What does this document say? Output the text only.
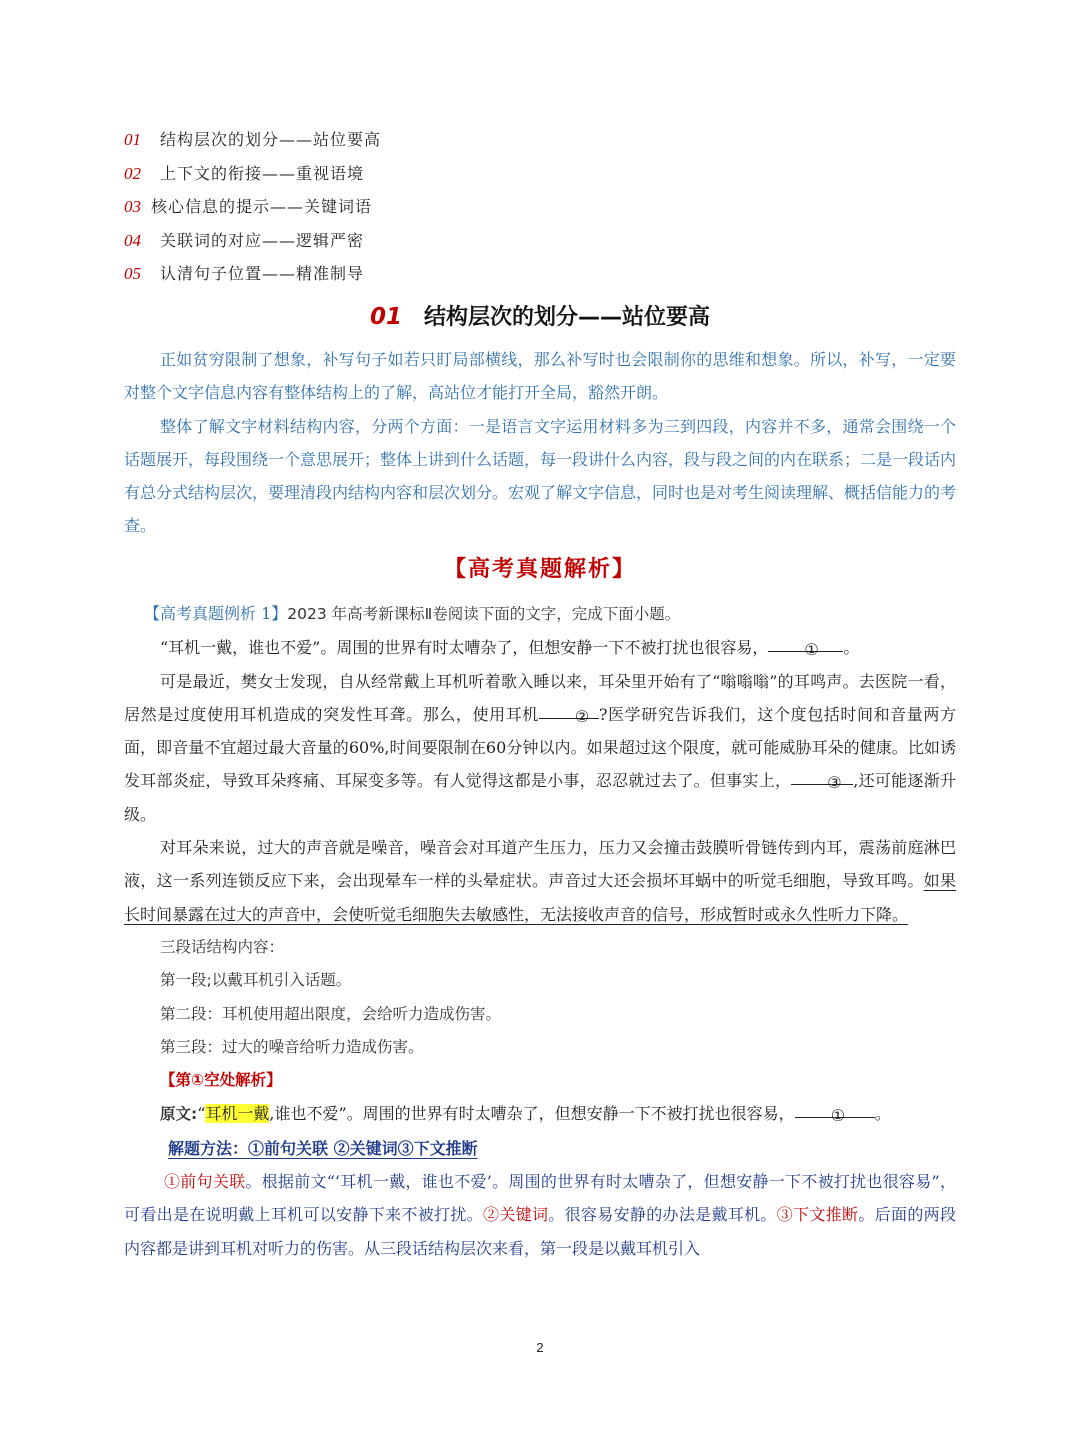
01 结构层次的划分——站位要高
02 上下文的衔接——重视语境
03 核心信息的提示——关键词语
04 关联词的对应——逻辑严密
05 认清句子位置——精准制导
01 结构层次的划分——站位要高

正如贫穷限制了想象，补写句子如若只盯局部横线，那么补写时也会限制你的思维和想象。所以，补写，一定要对整个文字信息内容有整体结构上的了解，高站位才能打开全局，豁然开朗。

整体了解文字材料结构内容，分两个方面：一是语言文字运用材料多为三到四段，内容并不多，通常会围绕一个话题展开，每段围绕一个意思展开；整体上讲到什么话题，每一段讲什么内容，段与段之间的内在联系；二是一段话内有总分式结构层次，要理清段内结构内容和层次划分。宏观了解文字信息，同时也是对考生阅读理解、概括信能力的考查。

【高考真题解析】

【高考真题例析 1】2023 年高考新课标Ⅱ卷阅读下面的文字，完成下面小题。

“耳机一戴，谁也不爱”。周围的世界有时太嘈杂了，但想安静一下不被打扰也很容易， ① 。

可是最近，樊女士发现，自从经常戴上耳机听着歌入睡以来，耳朵里开始有了“嗡嗡嗡”的耳鸣声。去医院一看，居然是过度使用耳机造成的突发性耳聋。那么，使用耳机 ② ?医学研究告诉我们，这个度包括时间和音量两方面，即音量不宜超过最大音量的60%,时间要限制在60分钟以内。如果超过这个限度，就可能威胁耳朵的健康。比如诱发耳部炎症，导致耳朵疼痛、耳屎变多等。有人觉得这都是小事，忍忍就过去了。但事实上， ③ ,还可能逐渐升级。

对耳朵来说，过大的声音就是噪音，噪音会对耳道产生压力，压力又会撞击鼓膜听骨链传到内耳，震荡前庭淋巴液，这一系列连锁反应下来，会出现晕车一样的头晕症状。声音过大还会损坏耳蜗中的听觉毛细胞，导致耳鸣。如果长时间暴露在过大的声音中，会使听觉毛细胞失去敏感性，无法接收声音的信号，形成暂时或永久性听力下降。

三段话结构内容：

第一段;以戴耳机引入话题。

第二段：耳机使用超出限度，会给听力造成伤害。

第三段：过大的噪音给听力造成伤害。

【第①空处解析】

原文:“耳机一戴,谁也不爱”。周围的世界有时太嘈杂了，但想安静一下不被打扰也很容易， ① 。

解题方法：①前句关联 ②关键词③下文推断

①前句关联。根据前文“‘耳机一戴，谁也不爱’。周围的世界有时太嘈杂了，但想安静一下不被打扰也很容易”，可看出是在说明戴上耳机可以安静下来不被打扰。②关键词。很容易安静的办法是戴耳机。③下文推断。后面的两段内容都是讲到耳机对听力的伤害。从三段话结构层次来看，第一段是以戴耳机引入

2
